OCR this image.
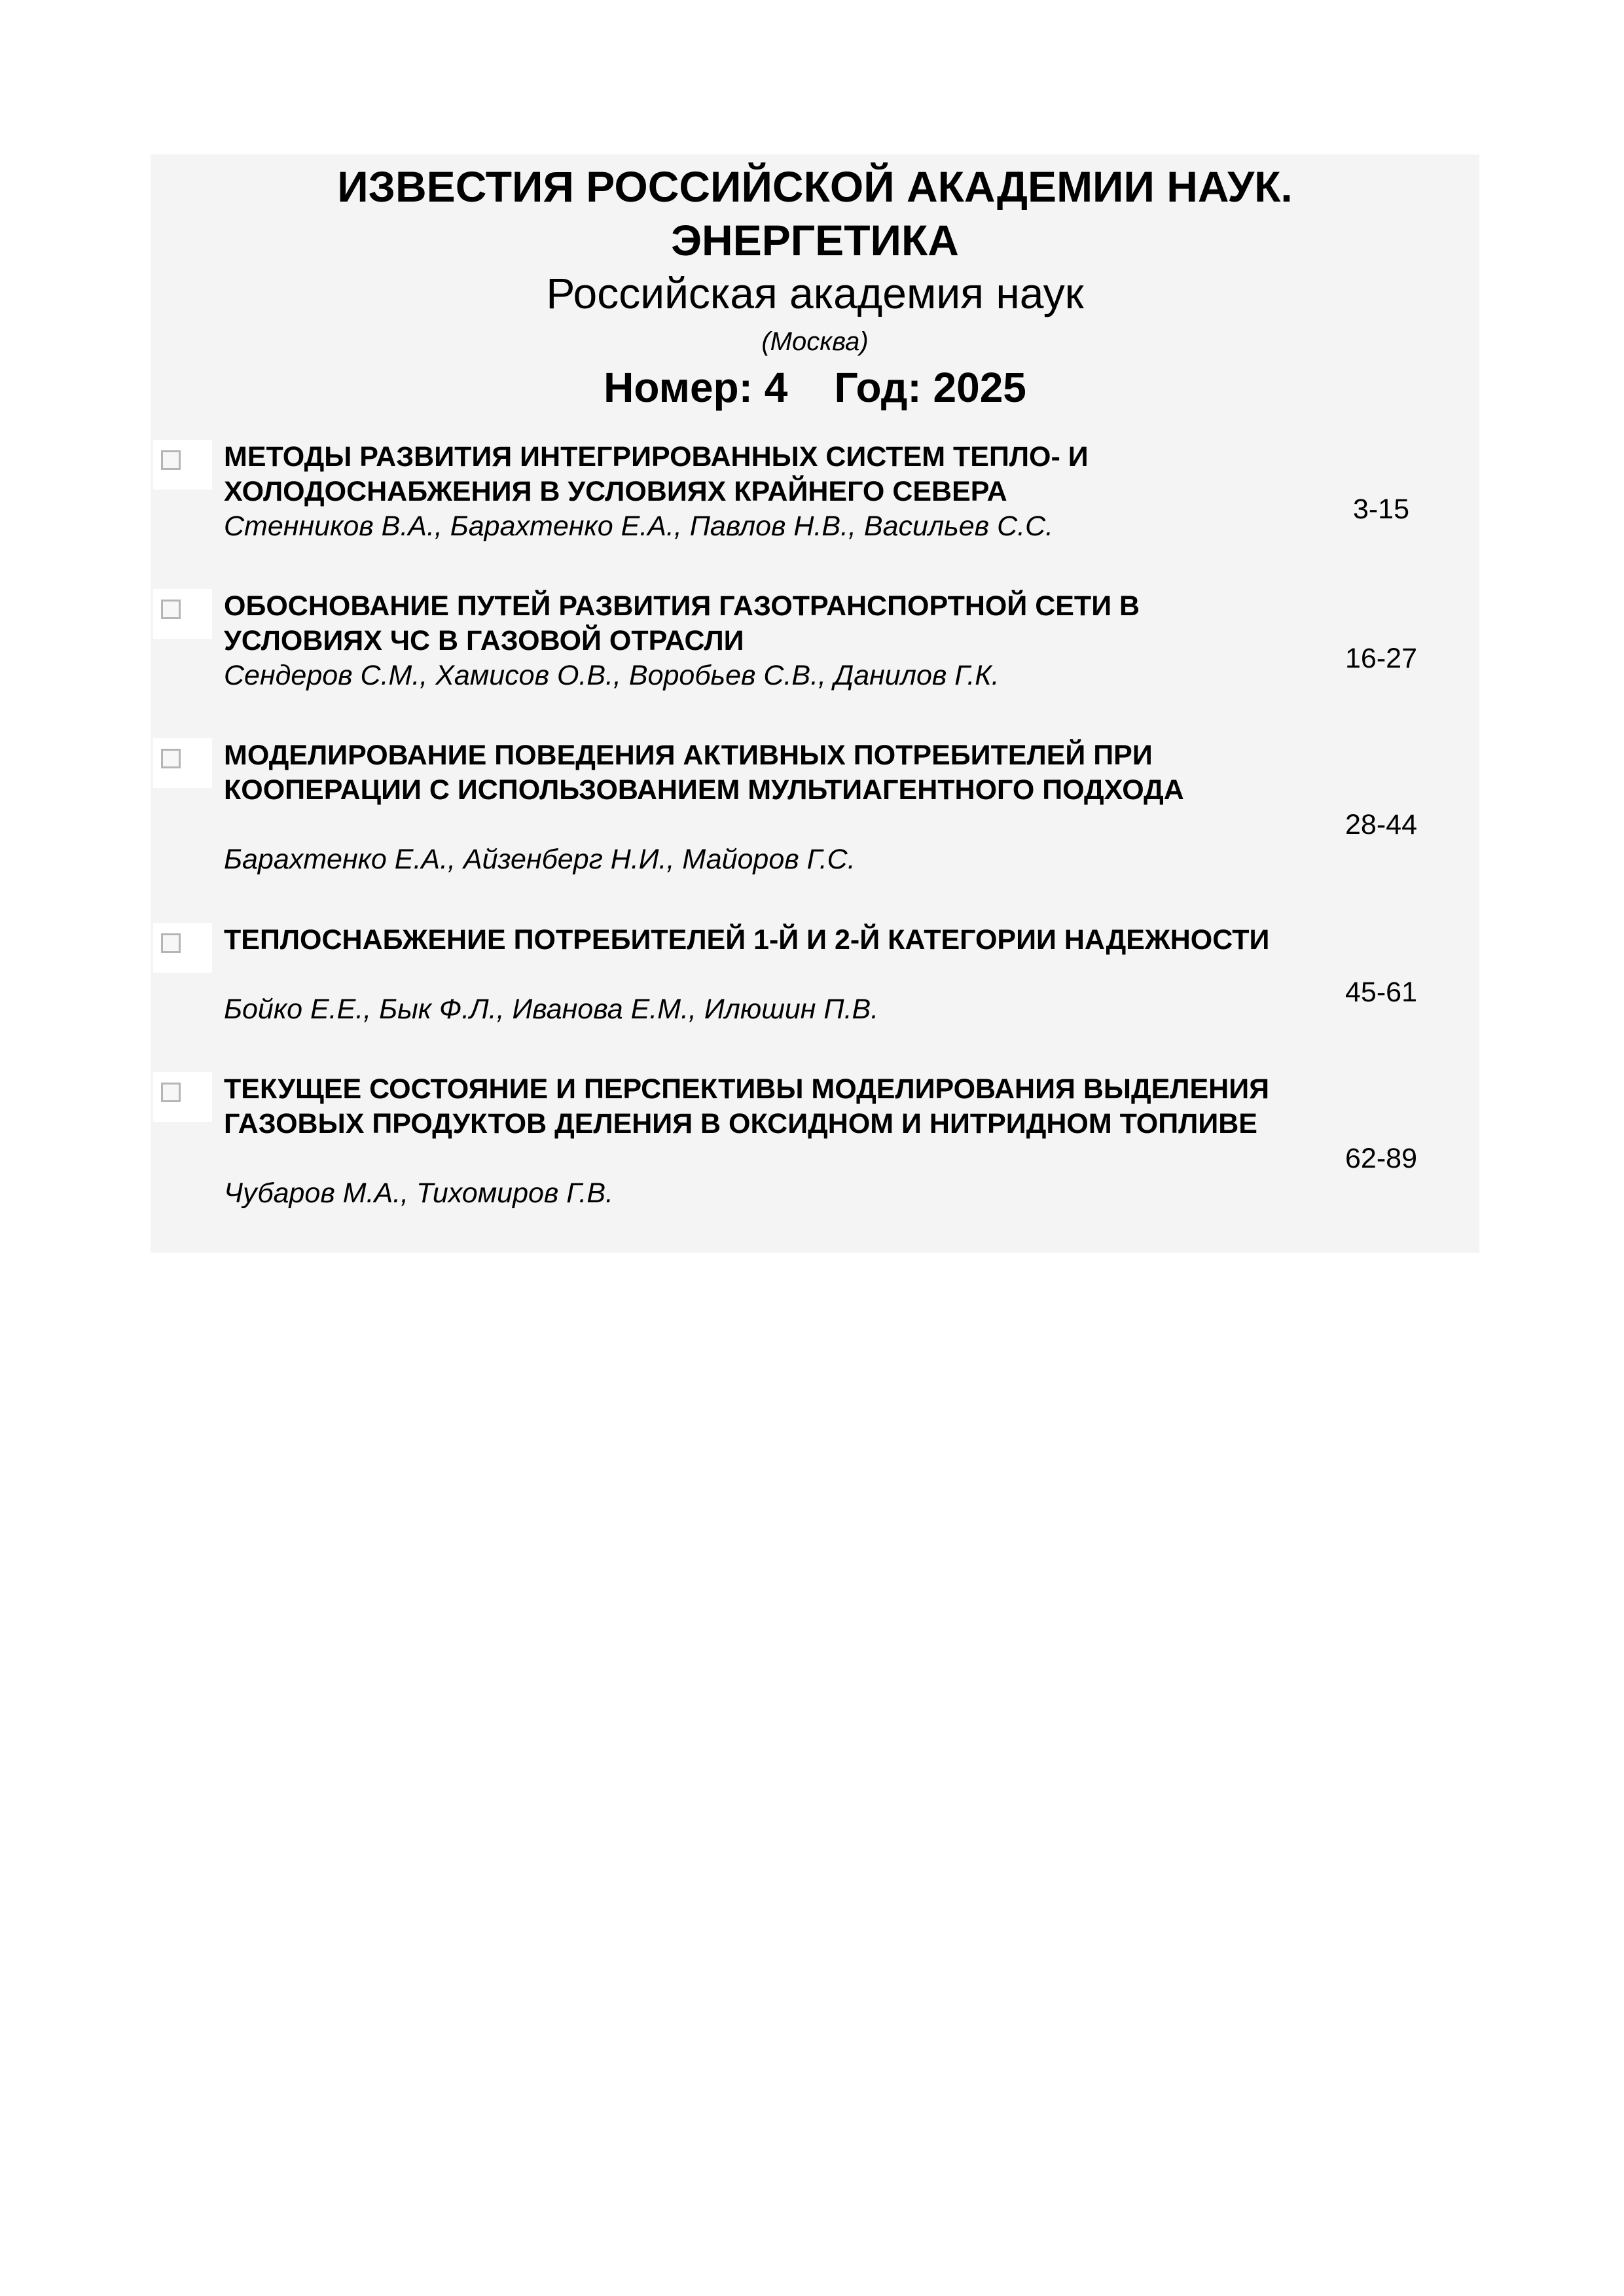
ИЗВЕСТИЯ РОССИЙСКОЙ АКАДЕМИИ НАУК.
ЭНЕРГЕТИКА
Российская академия наук
(Москва)
Номер: 4 Год: 2025
МЕТОДЫ РАЗВИТИЯ ИНТЕГРИРОВАННЫХ СИСТЕМ ТЕПЛО- И ХОЛОДОСНАБЖЕНИЯ В УСЛОВИЯХ КРАЙНЕГО СЕВЕРА
Стенников В.А., Барахтенко Е.А., Павлов Н.В., Васильев С.С.
3-15
ОБОСНОВАНИЕ ПУТЕЙ РАЗВИТИЯ ГАЗОТРАНСПОРТНОЙ СЕТИ В УСЛОВИЯХ ЧС В ГАЗОВОЙ ОТРАСЛИ
Сендеров С.М., Хамисов О.В., Воробьев С.В., Данилов Г.К.
16-27
МОДЕЛИРОВАНИЕ ПОВЕДЕНИЯ АКТИВНЫХ ПОТРЕБИТЕЛЕЙ ПРИ КООПЕРАЦИИ С ИСПОЛЬЗОВАНИЕМ МУЛЬТИАГЕНТНОГО ПОДХОДА
Барахтенко Е.А., Айзенберг Н.И., Майоров Г.С.
28-44
ТЕПЛОСНАБЖЕНИЕ ПОТРЕБИТЕЛЕЙ 1-Й И 2-Й КАТЕГОРИИ НАДЕЖНОСТИ
Бойко Е.Е., Бык Ф.Л., Иванова Е.М., Илюшин П.В.
45-61
ТЕКУЩЕЕ СОСТОЯНИЕ И ПЕРСПЕКТИВЫ МОДЕЛИРОВАНИЯ ВЫДЕЛЕНИЯ ГАЗОВЫХ ПРОДУКТОВ ДЕЛЕНИЯ В ОКСИДНОМ И НИТРИДНОМ ТОПЛИВЕ
Чубаров М.А., Тихомиров Г.В.
62-89
